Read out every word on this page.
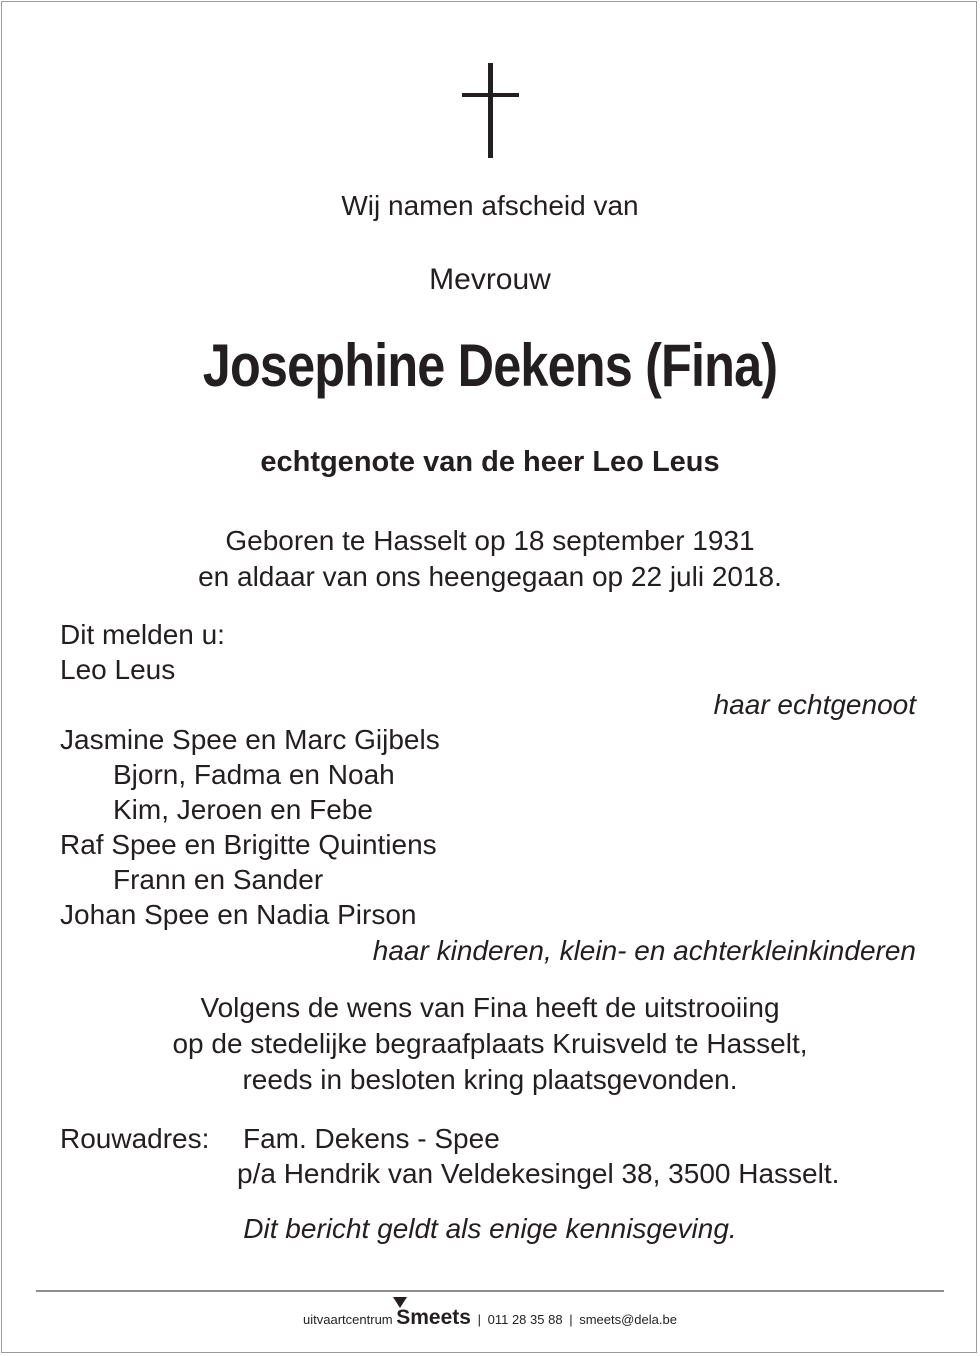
Wij namen afscheid van
Mevrouw
Josephine Dekens (Fina)
echtgenote van de heer Leo Leus
Geboren te Hasselt op 18 september 1931
en aldaar van ons heengegaan op 22 juli 2018.
Dit melden u:
Leo Leus
haar echtgenoot
Jasmine Spee en Marc Gijbels
Bjorn, Fadma en Noah
Kim, Jeroen en Febe
Raf Spee en Brigitte Quintiens
Frann en Sander
Johan Spee en Nadia Pirson
haar kinderen, klein- en achterkleinkinderen
Volgens de wens van Fina heeft de uitstrooiing
op de stedelijke begraafplaats Kruisveld te Hasselt,
reeds in besloten kring plaatsgevonden.
Rouwadres: Fam. Dekens - Spee
p/a Hendrik van Veldekesingel 38, 3500 Hasselt.
Dit bericht geldt als enige kennisgeving.
uitvaartcentrum Smeets | 011 28 35 88 | smeets@dela.be
